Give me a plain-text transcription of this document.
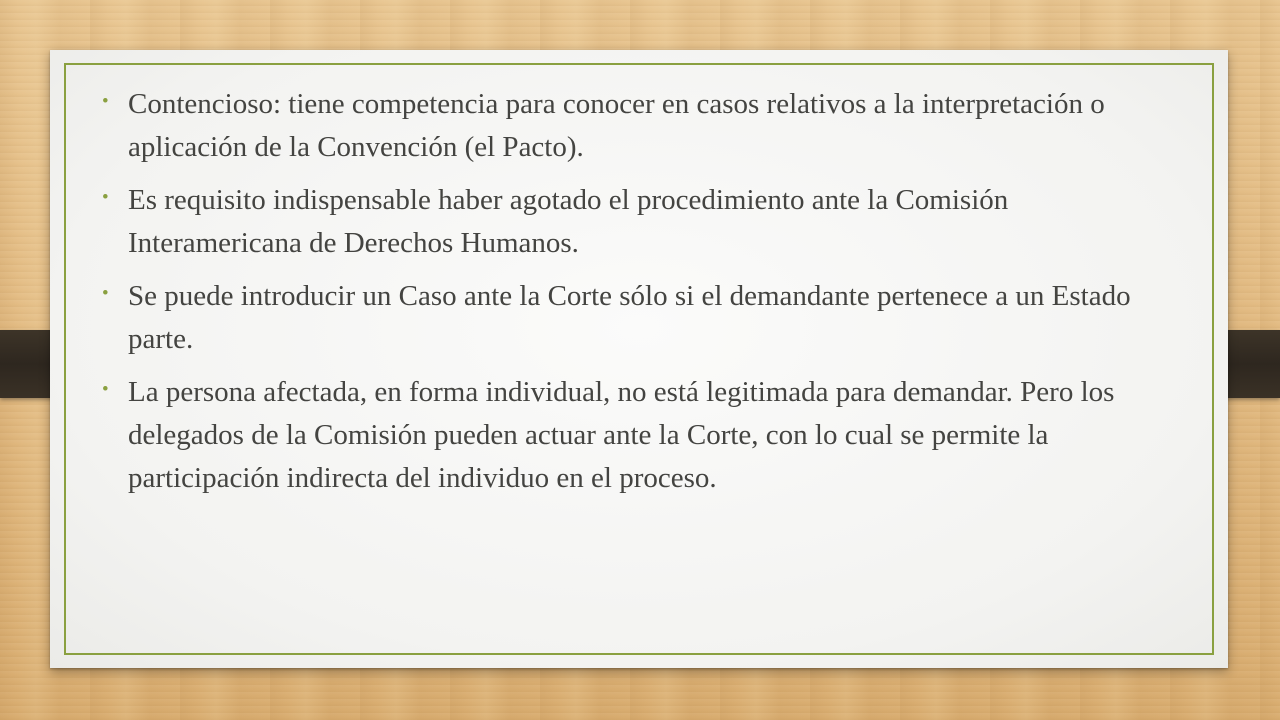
• Contencioso: tiene competencia para conocer en casos relativos a la interpretación o aplicación de la Convención (el Pacto).
• Es requisito indispensable haber agotado el procedimiento ante la Comisión Interamericana de Derechos Humanos.
• Se puede introducir un Caso ante la Corte sólo si el demandante pertenece a un Estado parte.
• La persona afectada, en forma individual, no está legitimada para demandar. Pero los delegados de la Comisión pueden actuar ante la Corte, con lo cual se permite la participación indirecta del individuo en el proceso.
